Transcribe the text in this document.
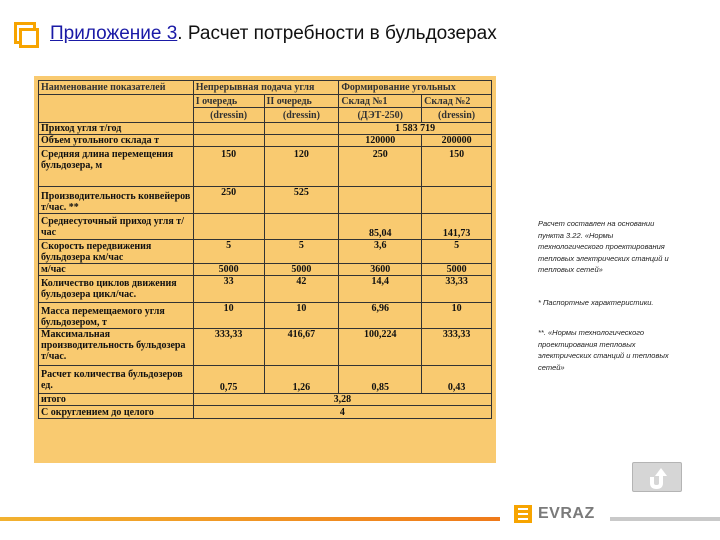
Приложение 3. Расчет потребности в бульдозерах
Наименование показателей	Непрерывная подача угля		Формирование угольных	
	I очередь	II очередь	Склад №1	Склад №2
	(dressin)	(dressin)	(ДЭТ-250)	(dressin)
Приход угля т/год			1 583 719	
Объем угольного склада т			120000	200000
Средняя длина перемещения бульдозера, м	150	120	250	150
Производительность конвейеров т/час. **	250	525		
Среднесуточный приход угля т/час			85,04	141,73
Скорость передвижения бульдозера км/час	5	5	3,6	5
м/час	5000	5000	3600	5000
Количество циклов движения бульдозера цикл/час.	33	42	14,4	33,33
Масса перемещаемого угля бульдозером, т	10	10	6,96	10
Максимальная производительность бульдозера т/час.	333,33	416,67	100,224	333,33
Расчет количества бульдозеров ед.	0,75	1,26	0,85	0,43
итого	3,28			
С округлением до целого	4			
Расчет составлен на основании пункта 3.22. «Нормы технологического проектирования тепловых электрических станций и тепловых сетей»
* Паспортные характеристики.
**. «Нормы технологического проектирования тепловых электрических станций и тепловых сетей»
EVRAZ
